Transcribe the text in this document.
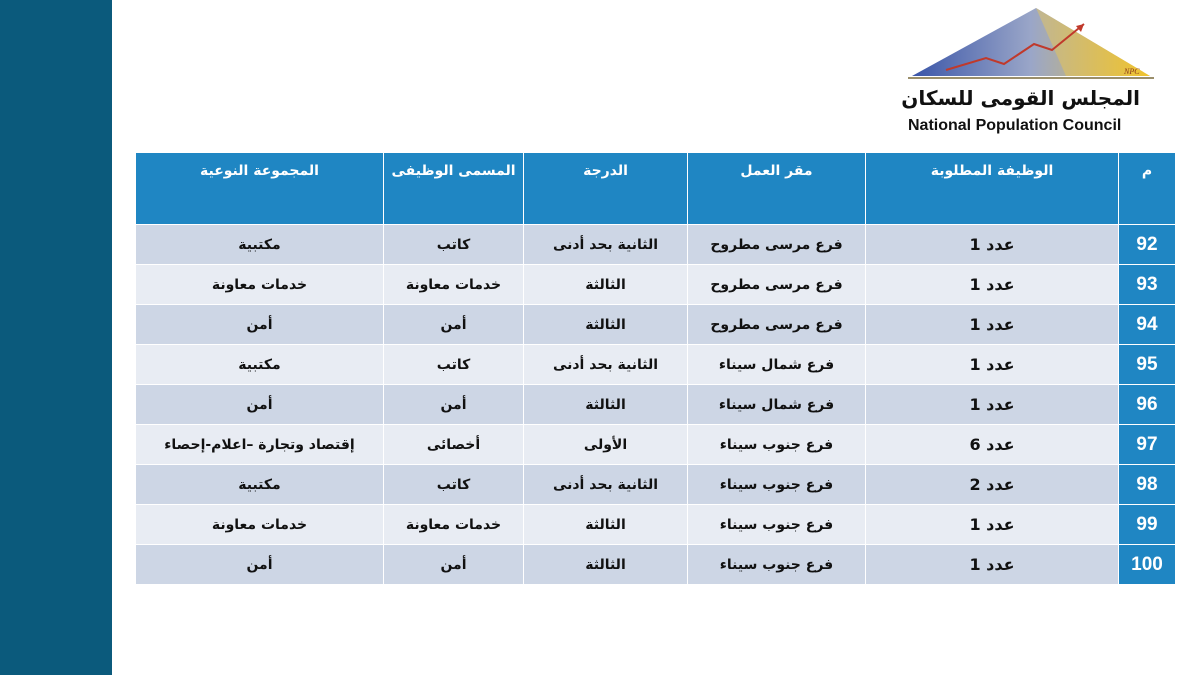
NPC
المجلس القومى للسكان
National Population Council
م	الوظيفة المطلوبة	مقر العمل	الدرجة	المسمى الوظيفى	المجموعة النوعية
92	عدد 1	فرع مرسى مطروح	الثانية بحد أدنى	كاتب	مكتبية
93	عدد 1	فرع مرسى مطروح	الثالثة	خدمات معاونة	خدمات معاونة
94	عدد 1	فرع مرسى مطروح	الثالثة	أمن	أمن
95	عدد 1	فرع شمال سيناء	الثانية بحد أدنى	كاتب	مكتبية
96	عدد 1	فرع شمال سيناء	الثالثة	أمن	أمن
97	عدد 6	فرع جنوب سيناء	الأولى	أخصائى	إقتصاد وتجارة –اعلام-إحصاء
98	عدد 2	فرع جنوب سيناء	الثانية بحد أدنى	كاتب	مكتبية
99	عدد 1	فرع جنوب سيناء	الثالثة	خدمات معاونة	خدمات معاونة
100	عدد 1	فرع جنوب سيناء	الثالثة	أمن	أمن
